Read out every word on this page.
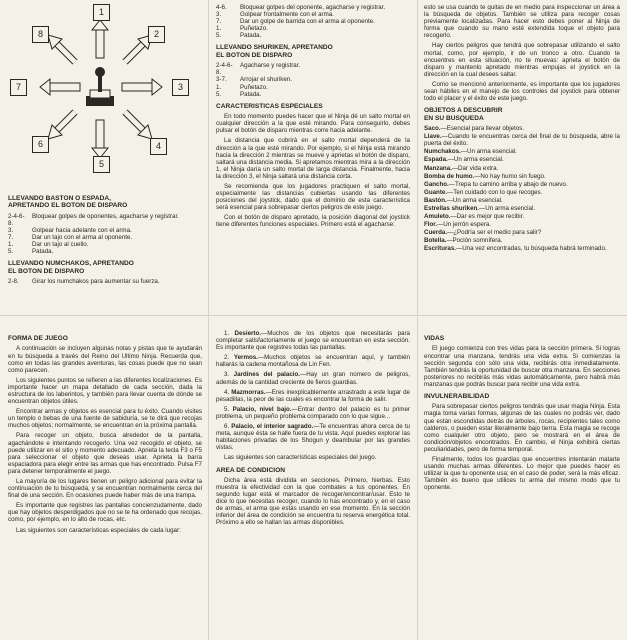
1
2
3
4
5
6
7
8
LLEVANDO BASTON O ESPADA,
APRETANDO EL BOTON DE DISPARO
2-4-6-8.
Bloquear golpes de oponentes, agacharse y registrar.
3.	Golpear hacia adelante con el arma.
7.	Dar un tajo con el arma al oponente.
1.	Dar un tajo al cuello.
5.	Patada.
LLEVANDO NUMCHAKOS, APRETANDO
EL BOTON DE DISPARO
2-8.	Girar los numchakos para aumentar su fuerza.
4-6.	Bloquear golpes del oponente, agacharse y registrar.
3.	Golpear frontalmente con el arma.
7.	Dar un golpe de barrida con el arma al oponente.
1.	Puñetazo.
5.	Patada.
LLEVANDO SHURIKEN, APRETANDO
EL BOTON DE DISPARO
2-4-6-8.
Agacharse y registrar.
3-7.	Arrojar el shuriken.
1.	Puñetazo.
5.	Patada.
CARACTERISTICAS ESPECIALES

En todo momento puedes hacer que el Ninja dé un salto mortal en cualquier dirección a la que esté mirando. Para conseguirlo, debes pulsar el botón de disparo mientras corre hacia adelante.

La distancia que cubrirá en el salto mortal dependerá de la dirección a la que esté mirando. Por ejemplo, si el Ninja está mirando hacia la dirección 2 mientras se mueve y aprietas el botón de disparo, saltará una distancia media. Si apretamos mientras mira a la dirección 1, el Ninja daría un salto mortal de larga distancia. Finalmente, hacia la dirección 3, el Ninja saltará una distancia corta.

Se recomienda que los jugadores practiquen el salto mortal, especialmente las distancias cubiertas usando las diferentes posiciones del joystick, dado que el dominio de esta característica será esencial para sobrepasar ciertos peligros de este juego.

Con el botón de disparo apretado, la posición diagonal del joystick tiene diferentes funciones especiales. Primero está el agacharse:

esto se usa cuando te quitas de en medio para inspeccionar un área a la búsqueda de objetos. También se utiliza para recoger cosas previamente localizadas. Para hacer esto debes poner al Ninja de forma que cuando su mano esté extendida toque el objeto para recogerlo.

Hay ciertos peligros que tendrá que sobrepasar utilizando el salto mortal, como, por ejemplo, ir de un tronco a otro. Cuando te encuentres en esta situación, no te muevas: aprieta el botón de disparo y mantenlo apretado mientras empujas el joystick en la dirección en la cual desees saltar.

Como se mencionó anteriormente, es importante que los jugadores sean hábiles en el manejo de los controles del joystick para obtener todo el placer y el éxito de este juego.

OBJETOS A DESCUBRIR
EN SU BUSQUEDA
Saco.—Esencial para llevar objetos.
Llave.—Cuando te encuentras cerca del final de tu búsqueda, abre la puerta del éxito.
Numchakos.—Un arma esencial.
Espada.—Un arma esencial.
Manzana.—Dar vida extra.
Bomba de humo.—No hay humo sin fuego.
Gancho.—Trepa tu camino arriba y abajo de nuevo.
Guante.—Ten cuidado con lo que recoges.
Bastón.—Un arma esencial.
Estrellas shuriken.—Un arma esencial.
Amuleto.—Dar es mejor que recibir.
Flor.—Un jerrón espera.
Cuerda.—¿Podría ser el medio para salir?
Botella.—Poción somnífera.
Escrituras.—Una vez encontradas, tu búsqueda habrá terminado.
FORMA DE JUEGO

A continuación se incluyen algunas notas y pistas que te ayudarán en tu búsqueda a través del Reino del Ultimo Ninja. Recuerda que, como en todas las grandes aventuras, las cosas puede que no sean como parecen.

Los siguientes puntos se refieren a las diferentes localizaciones. Es importante hacer un mapa detallado de cada sección, dada la estructura de los laberintos, y también para llevar cuenta de dónde se encuentran objetos útiles.

Encontrar armas y objetos es esencial para tu éxito. Cuando visites un templo o bebas de una fuente de sabiduría, se te dirá que recojas muchos objetos; normalmente, se encuentran en la próxima pantalla.

Para recoger un objeto, busca alrededor de la pantalla, agachándote e intentando recogerlo. Una vez recogido el objeto, se puede utilizar en el sitio y momento adecuado. Aprieta la tecla F3 o F5 para seleccionar el objeto que deseas usar. Aprieta la barra espaciadora para elegir entre las armas que has encontrado. Pulsa F7 para detener temporalmente el juego.

La mayoría de los lugares tienen un peligro adicional para evitar la continuación de tu búsqueda, y se encuentran normalmente cerca del final de una sección. En ocasiones puede haber más de una trampa.

Es importante que registres las pantallas concienzudamente, dado que hay objetos desperdigados que no se te ha ordenado que recojas, como, por ejemplo, en lo alto de rocas, etc.

Las siguientes son características especiales de cada lugar:

1. Desierto.—Muchos de los objetos que necesitarás para completar satisfactoriamente el juego se encuentran en esta sección. Es importante que registres todas las pantallas.

2. Yermos.—Muchos objetos se encuentran aquí, y también hallarás la cadena montañosa de Lin Fen.

3. Jardines del palacio.—Hay un gran número de peligros, además de la cantidad creciente de fieros guardias.

4. Mazmorras.—Eres inexplicablemente arrastrado a este lugar de pesadillas, la peor de las cuales es encontrar la forma de salir.

5. Palacio, nivel bajo.—Entrar dentro del palacio es tu primer problema, un pequeño problema comparado con lo que sigue...

6. Palacio, el interior sagrado.—Te encuentras ahora cerca de tu meta, aunque ésta se halle fuera de tu vista. Aquí puedes explorar las habitaciones privadas de los Shogun y deambular por las grandes vistas.

Las siguientes son características especiales del juego.

AREA DE CONDICION

Dicha área está dividida en secciones. Primero, hierbas. Esto muestra la efectividad con la que combates a tus oponentes. En segundo lugar está el marcador de recoger/encontrar/usar. Esto te dice lo que necesitas recoger, cuando lo has encontrado y, en el caso de armas, el arma que estás usando en ese momento. En la sección inferior del área de condición se encuentra tu reserva energética total. Próximo a ello se hallan las armas disponibles.

VIDAS

El juego comienza con tres vidas para la sección primera. Si logras encontrar una manzana, tendrás una vida extra. Si comienzas la sección segunda con sólo una vida, recibirás otra inmediatamente. También tendrás la oportunidad de buscar otra manzana. En secciones posteriores no recibirás más vidas automáticamente, pero habrá más manzanas que podrás buscar para recibir una vida extra.

INVULNERABILIDAD

Para sobrepasar ciertos peligros tendrás que usar magia Ninja. Esta magia toma varias formas, algunas de las cuales no podrás ver, dado que están escondidas detrás de árboles, rocas, recipientes tales como calderos, o pueden estar literalmente bajo tierra. Esta magia se recoge como cualquier otro objeto, pero se mostrará en el área de condición/objetos encontrados. En cambio, el Ninja exhibirá ciertas peculiaridades, pero de forma temporal.

Finalmente, todos los guardias que encuentres intentarán matarte usando muchas armas diferentes. Lo mejor que puedes hacer es utilizar la que tu oponente usa; en el caso de poder, será la más eficaz. También es bueno que utilices tu arma del mismo modo que tu oponente.
